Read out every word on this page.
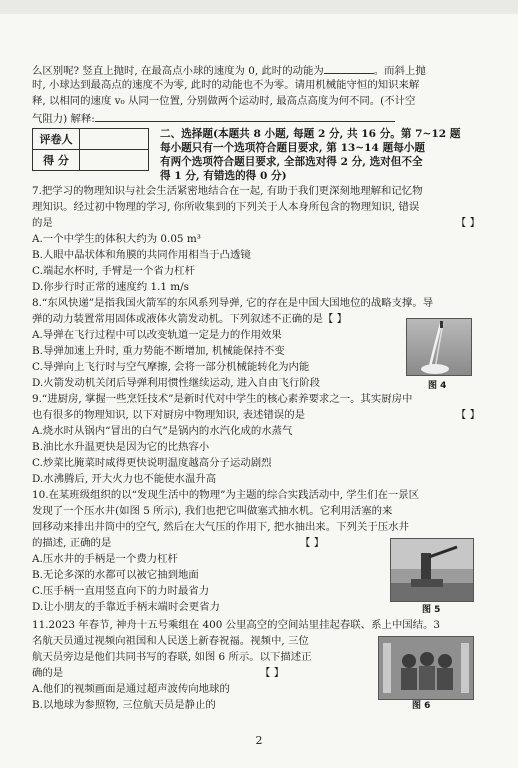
么区别呢? 竖直上抛时, 在最高点小球的速度为 0, 此时的动能为	。而斜上抛
时, 小球达到最高点的速度不为零, 此时的动能也不为零。请用机械能守恒的知识来解
释, 以相同的速度 v₀ 从同一位置, 分别做两个运动时, 最高点高度为何不同。(不计空
气阻力) 解释:
评卷人	
得 分	
二、选择题(本题共 8 小题, 每题 2 分, 共 16 分。第 7~12 题
每小题只有一个选项符合题目要求, 第 13~14 题每小题
有两个选项符合题目要求, 全部选对得 2 分, 选对但不全
得 1 分, 有错选的得 0 分)
7.把学习的物理知识与社会生活紧密地结合在一起, 有助于我们更深刻地理解和记忆物
理知识。经过初中物理的学习, 你所收集到的下列关于人本身所包含的物理知识, 错误
的是	【 】
A.一个中学生的体积大约为 0.05 m³
B.人眼中晶状体和角膜的共同作用相当于凸透镜
C.端起水杯时, 手臂是一个省力杠杆
D.你步行时正常的速度约 1.1 m/s
8.“东风快递”是指我国火箭军的东风系列导弹, 它的存在是中国大国地位的战略支撑。导
弹的动力装置常用固体或液体火箭发动机。下列叙述不正确的是【 】
A.导弹在飞行过程中可以改变轨道一定是力的作用效果
B.导弹加速上升时, 重力势能不断增加, 机械能保持不变
C.导弹向上飞行时与空气摩擦, 会将一部分机械能转化为内能
D.火箭发动机关闭后导弹利用惯性继续运动, 进入自由飞行阶段	图 4
9.“进厨房, 掌握一些烹饪技术”是新时代对中学生的核心素养要求之一。其实厨房中
也有很多的物理知识, 以下对厨房中物理知识, 表述错误的是	【 】
A.烧水时从锅内“冒出的白气”是锅内的水汽化成的水蒸气
B.油比水升温更快是因为它的比热容小
C.炒菜比腌菜时咸得更快说明温度越高分子运动剧烈
D.水沸腾后, 开大火力也不能使水温升高
10.在某班级组织的以“发现生活中的物理”为主题的综合实践活动中, 学生们在一景区
发现了一个压水井(如图 5 所示), 我们也把它叫做塞式抽水机。它利用活塞的来
回移动来排出井筒中的空气, 然后在大气压的作用下, 把水抽出来。下列关于压水井
的描述, 正确的是	【 】
A.压水井的手柄是一个费力杠杆
B.无论多深的水都可以被它抽到地面
C.压手柄一直用竖直向下的力时最省力
D.让小朋友的手靠近手柄末端时会更省力	图 5
11.2023 年春节, 神舟十五号乘组在 400 公里高空的空间站里挂起春联、系上中国结。3
名航天员通过视频向祖国和人民送上新春祝福。视频中, 三位
航天员旁边是他们共同书写的春联, 如图 6 所示。以下描述正
确的是	【 】
A.他们的视频画面是通过超声波传向地球的
B.以地球为参照物, 三位航天员是静止的	图 6
2
